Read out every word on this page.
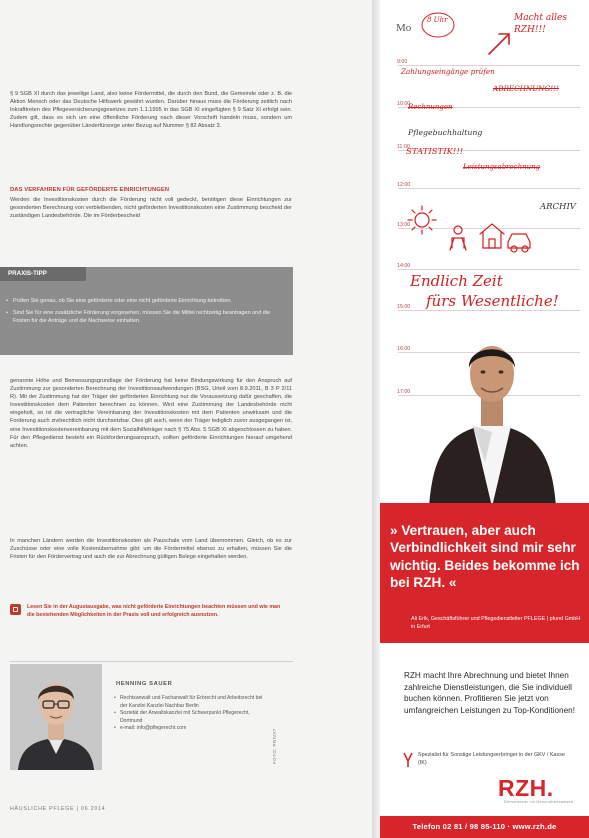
§ 9 SGB XI durch das jeweilige Land, also keine Fördermittel, die durch den Bund, die Gemeinde oder z. B. die Aktion Mensch oder das Deutsche Hilfswerk gewährt wurden. Darüber hinaus muss die Förderung zeitlich nach Inkrafttreten des Pflegeversicherungsgesetzes zum 1.1.1995 in das SGB XI eingefügten § 9 Satz XI erfolgt sein. Zudem gilt, dass es sich um eine öffentliche Förderung nach dieser Vorschrift handeln muss, sondern um Handlungsrechte gegenüber Länderfürsorge unter Bezug auf Nummer § 82 Absatz 3.

DAS VERFAHREN FÜR GEFÖRDERTE EINRICHTUNGEN

Werden die Investitionskosten durch die Förderung nicht voll gedeckt, benötigen diese Einrichtungen zur gesonderten Berechnung von verbleibenden, nicht geförderten Investitionskosten eine Zustimmung bescheid der zuständigen Landesbehörde. Die im Förderbescheid

PRAXIS-TIPP
• Prüfen Sie genau, ob Sie eine geförderte oder eine nicht geförderte Einrichtung betreiben.
• Sind Sie für eine zusätzliche Förderung vorgesehen, müssen Sie die Mittel rechtzeitig beantragen und die Fristen für die Anträge und die Nachweise einhalten.

genannte Höhe und Bemessungsgrundlage der Förderung hat keine Bindungswirkung für den Anspruch auf Zustimmung zur gesonderten Berechnung der Investitionsaufwendungen (BSG, Urteil vom 8.9.2011, B 3 P 2/11 R). Mit der Zustimmung hat der Träger der geförderten Einrichtung nur die Voraussetzung dafür geschaffen, die Investitionskosten dem Patienten berechnen zu können. Wird eine Zustimmung der Landesbehörde nicht eingeholt, so ist die vertragliche Vereinbarung der Investitionskosten mit dem Patienten unwirksam und die Forderung auch zivilrechtlich nicht durchsetzbar. Dies gilt auch, wenn der Träger lediglich zuvor ausgegangen ist, eine Investitionskostenvereinbarung mit dem Sozialhilfeträger nach § 75 Abs. 5 SGB XI abgeschlossen zu haben. Für den Pflegedienst besteht ein Rückforderungsanspruch, sollten geförderte Einrichtungen hierauf umgehend achten.

In manchen Ländern werden die Investitionskosten als Pauschale vom Land übernommen. Gleich, ob es zur Zuschüsse oder eine volle Kostenübernahme gibt: um die Fördermittel ebenso zu erhalten, müssen Sie die Fristen für den Fördervertrag und auch die zur Abrechnung gültigen Belege eingehalten werden.

Lesen Sie in der Augustausgabe, was nicht geförderte Einrichtungen beachten müssen und wie man die bestehenden Möglichkeiten in der Praxis voll und erfolgreich ausnutzen.

HENNING SAUER

• Rechtsanwalt und Fachanwalt für Erbrecht und Arbeitsrecht bei der Kanzlei Kanzlei Nachbar Berlin
• Sozietät der Anwaltskanzlei mit Schwerpunkt Pflegerecht, Dortmund
• e-mail: info@pflegerecht.com	FOTO: PRIVAT

HÄUSLICHE PFLEGE | 06 2014

Mo

9:00
10:00
11:00
12:00
13:00
14:00
15:00
16:00
17:00

8 Uhr	Macht alles RZH!!!

Zahlungseingänge prüfen

ABRECHNUNG!!!

Rechnungen

Pflegebuchhaltung

STATISTIK!!!

Leistungsabrechnung

ARCHIV

Endlich Zeit

fürs Wesentliche!

» Vertrauen, aber auch Verbindlichkeit sind mir sehr wichtig. Beides bekomme ich bei RZH. «

Ali Erik, Geschäftsführer und Pflegedienstleiter PFLEGE | pfund GmbH in Erfurt

RZH macht Ihre Abrechnung und bietet Ihnen zahlreiche Dienstleistungen, die Sie individuell buchen können. Profitieren Sie jetzt von umfangreichen Leistungen zu Top-Konditionen!

Spezialist für Sonstige Leistungserbringer in der GKV / Kasse (IK)

RZH.

Dienstleister im Gesundheitswesen

Telefon 02 81 / 98 85-110 · www.rzh.de
